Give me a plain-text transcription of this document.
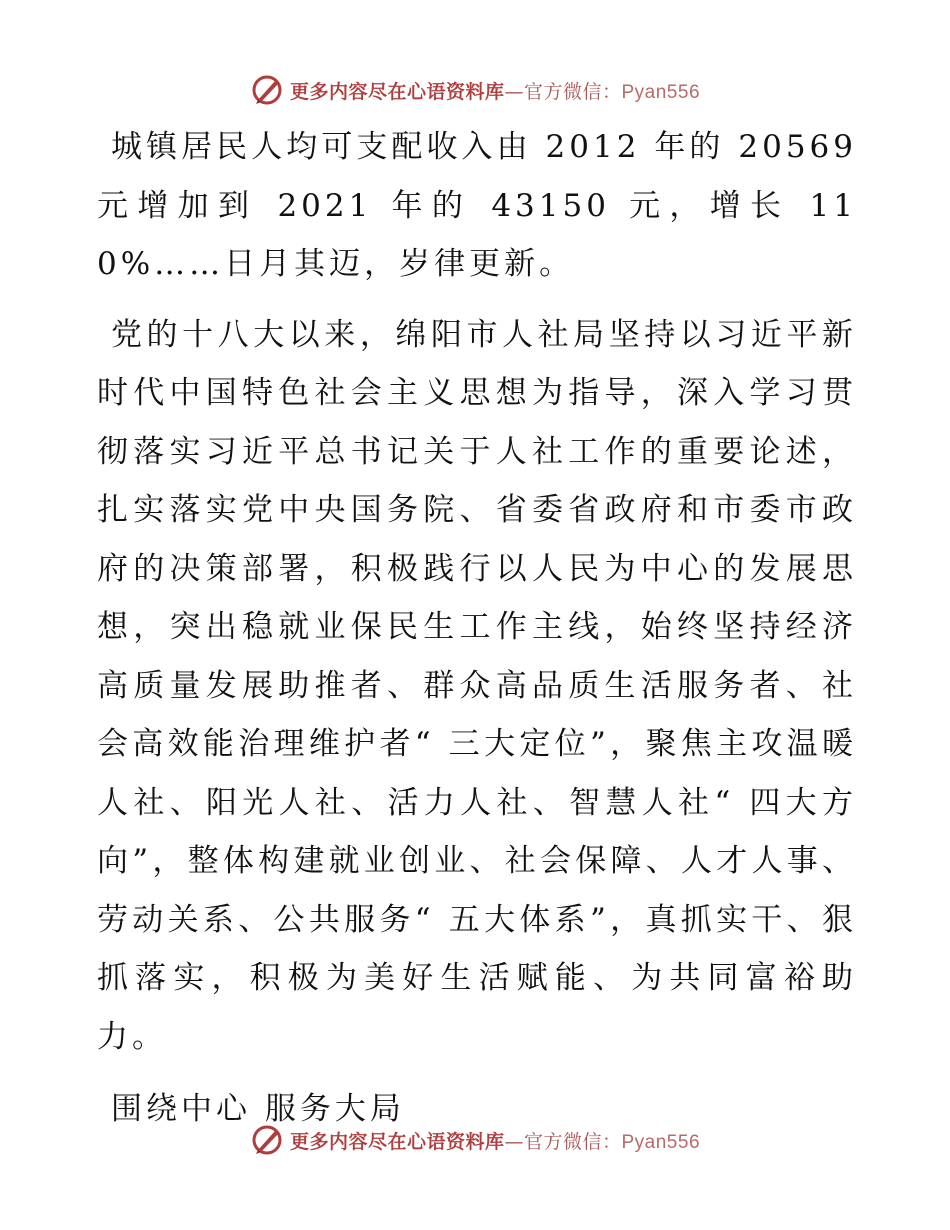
更多内容尽在心语资料库—官方微信：Pyan556

城镇居民人均可支配收入由 2012 年的 20569 元增加到 2021 年的 43150 元，增长 110%……日月其迈，岁律更新。

党的十八大以来，绵阳市人社局坚持以习近平新时代中国特色社会主义思想为指导，深入学习贯彻落实习近平总书记关于人社工作的重要论述，扎实落实党中央国务院、省委省政府和市委市政府的决策部署，积极践行以人民为中心的发展思想，突出稳就业保民生工作主线，始终坚持经济高质量发展助推者、群众高品质生活服务者、社会高效能治理维护者“ 三大定位”，聚焦主攻温暖人社、阳光人社、活力人社、智慧人社“ 四大方向”，整体构建就业创业、社会保障、人才人事、劳动关系、公共服务“ 五大体系”，真抓实干、狠抓落实，积极为美好生活赋能、为共同富裕助力。

围绕中心 服务大局

更多内容尽在心语资料库—官方微信：Pyan556
